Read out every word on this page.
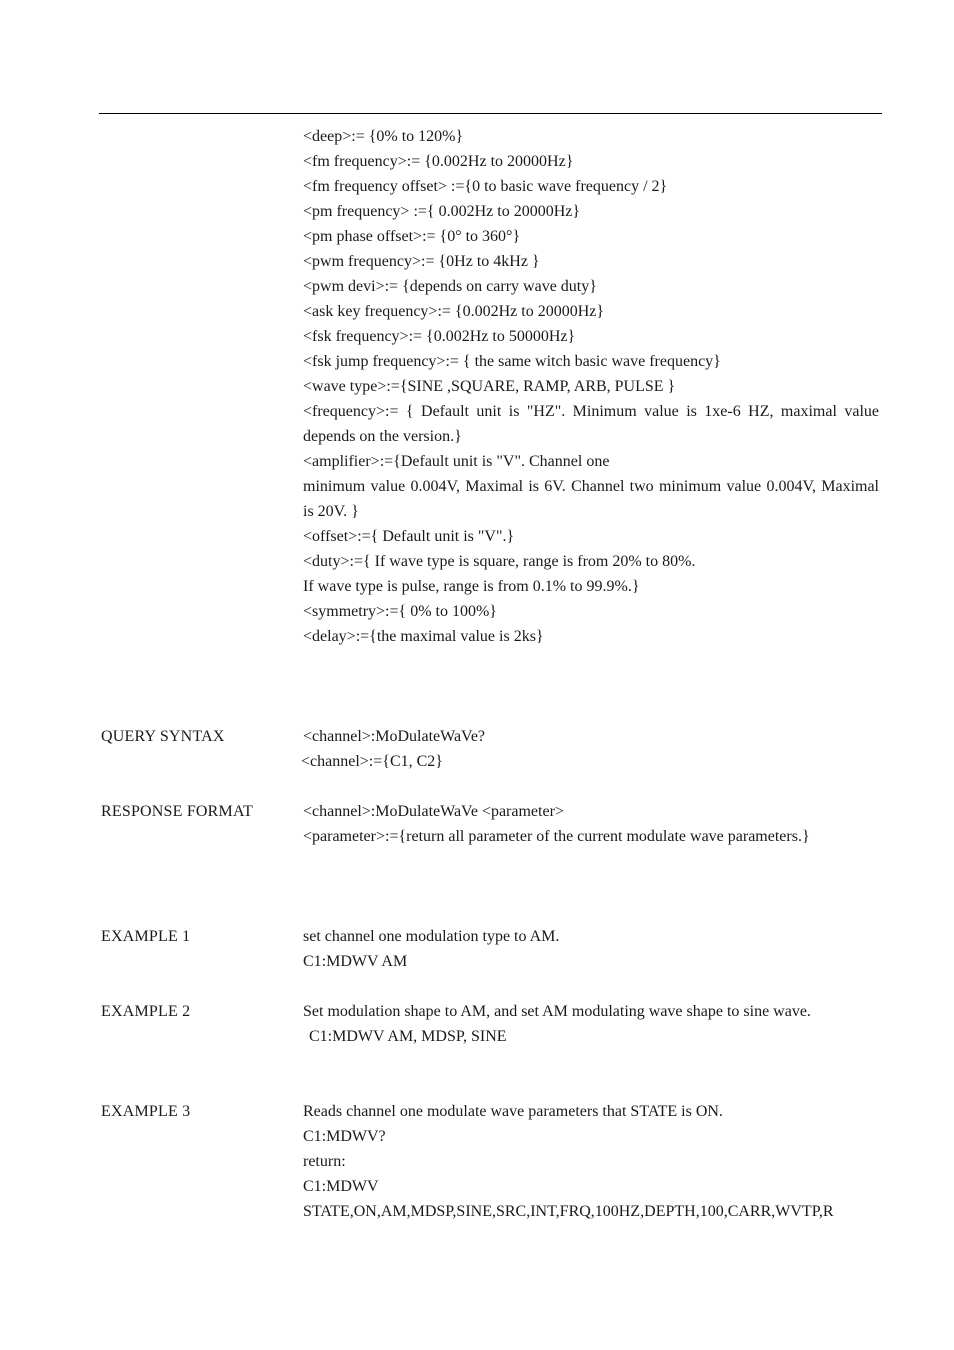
<deep>:= {0% to 120%}

<fm frequency>:= {0.002Hz to 20000Hz}

<fm frequency offset> :={0 to basic wave frequency / 2}

<pm frequency> :={ 0.002Hz to 20000Hz}

<pm phase offset>:= {0° to 360°}

<pwm frequency>:= {0Hz to 4kHz }

<pwm devi>:= {depends on carry wave duty}

<ask key frequency>:= {0.002Hz to 20000Hz}

<fsk frequency>:= {0.002Hz to 50000Hz}

<fsk jump frequency>:= { the same witch basic wave frequency}

<wave type>:={SINE ,SQUARE, RAMP, ARB, PULSE }

<frequency>:= { Default unit is "HZ". Minimum value is 1xe-6 HZ, maximal value depends on the version.}

<amplifier>:={Default unit is "V". Channel one

minimum value 0.004V, Maximal is 6V. Channel two minimum value 0.004V, Maximal is 20V. }

<offset>:={ Default unit is "V".}

<duty>:={ If wave type is square, range is from 20% to 80%.

If wave type is pulse, range is from 0.1% to 99.9%.}

<symmetry>:={ 0% to 100%}

<delay>:={the maximal value is 2ks}

QUERY SYNTAX	<channel>:MoDulateWaVe?

<channel>:={C1, C2}

RESPONSE FORMAT	<channel>:MoDulateWaVe <parameter>

<parameter>:={return all parameter of the current modulate wave parameters.}

EXAMPLE 1	set channel one modulation type to AM.

C1:MDWV AM

EXAMPLE 2	Set modulation shape to AM, and set AM modulating wave shape to sine wave.

C1:MDWV AM, MDSP, SINE

EXAMPLE 3	Reads channel one modulate wave parameters that STATE is ON.

C1:MDWV?

return:

C1:MDWV

STATE,ON,AM,MDSP,SINE,SRC,INT,FRQ,100HZ,DEPTH,100,CARR,WVTP,R
